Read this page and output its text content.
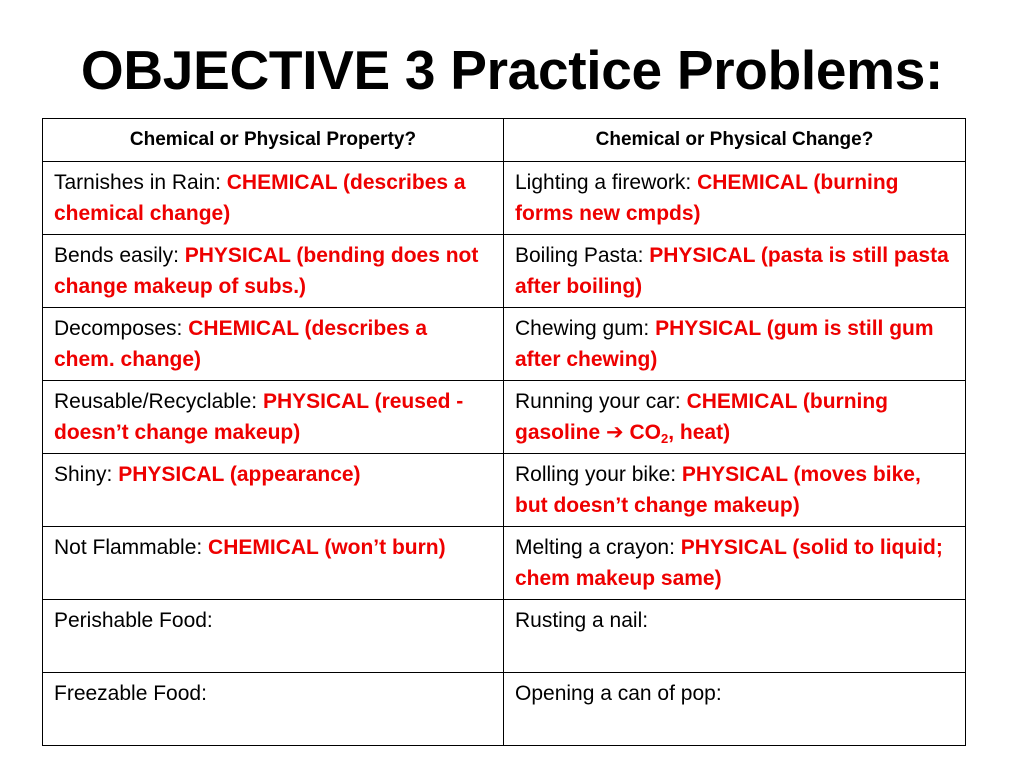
OBJECTIVE 3 Practice Problems:
Chemical or Physical Property?	Chemical or Physical Change?
Tarnishes in Rain: CHEMICAL (describes a chemical change)	Lighting a firework: CHEMICAL (burning forms new cmpds)
Bends easily: PHYSICAL (bending does not change makeup of subs.)	Boiling Pasta: PHYSICAL (pasta is still pasta after boiling)
Decomposes: CHEMICAL (describes a chem. change)	Chewing gum: PHYSICAL (gum is still gum after chewing)
Reusable/Recyclable: PHYSICAL (reused - doesn’t change makeup)	Running your car: CHEMICAL (burning gasoline ➔ $CO_2$, heat)
Shiny: PHYSICAL (appearance)	Rolling your bike: PHYSICAL (moves bike, but doesn’t change makeup)
Not Flammable: CHEMICAL (won’t burn)	Melting a crayon: PHYSICAL (solid to liquid; chem makeup same)
Perishable Food:	Rusting a nail:
Freezable Food:	Opening a can of pop:
